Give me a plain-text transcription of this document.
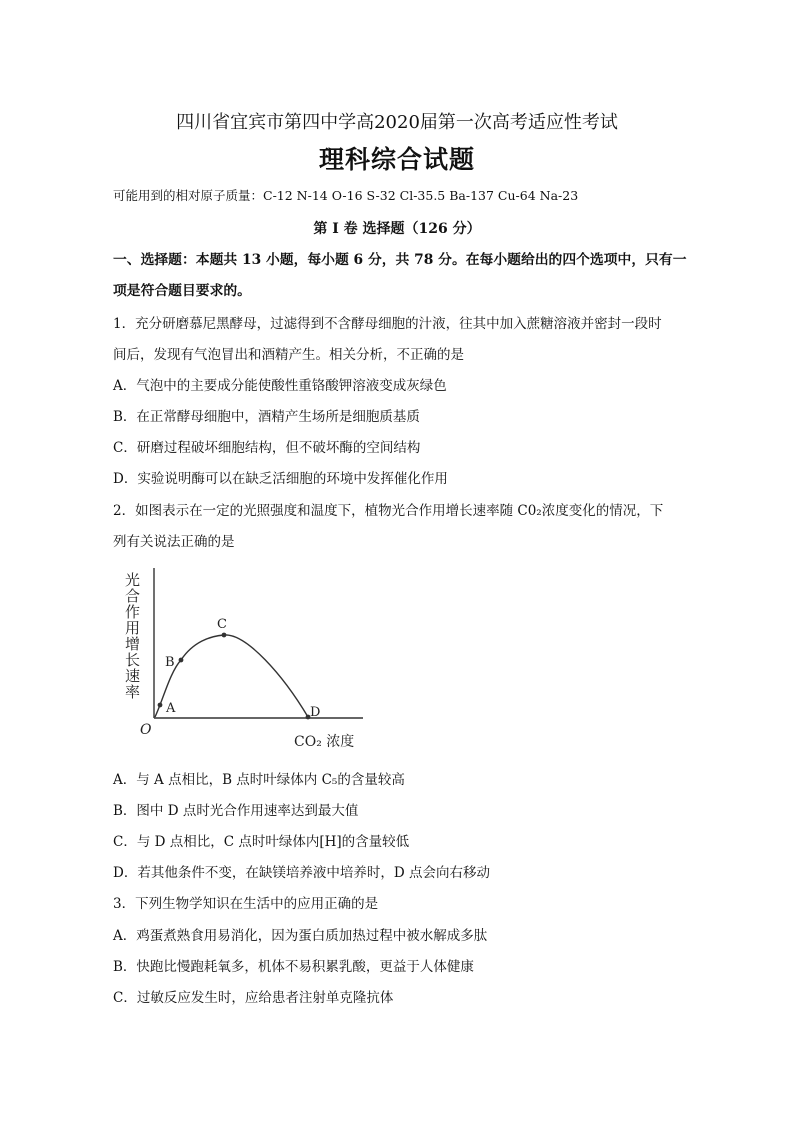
四川省宜宾市第四中学高2020届第一次高考适应性考试
理科综合试题
可能用到的相对原子质量：C-12 N-14 O-16 S-32 Cl-35.5 Ba-137 Cu-64 Na-23
第 I 卷 选择题（126 分）
一、选择题：本题共 13 小题，每小题 6 分，共 78 分。在每小题给出的四个选项中，只有一
项是符合题目要求的。
1．充分研磨慕尼黑酵母，过滤得到不含酵母细胞的汁液，往其中加入蔗糖溶液并密封一段时
间后，发现有气泡冒出和酒精产生。相关分析，不正确的是
A．气泡中的主要成分能使酸性重铬酸钾溶液变成灰绿色
B．在正常酵母细胞中，酒精产生场所是细胞质基质
C．研磨过程破坏细胞结构，但不破坏酶的空间结构
D．实验说明酶可以在缺乏活细胞的环境中发挥催化作用
2．如图表示在一定的光照强度和温度下，植物光合作用增长速率随 C0₂浓度变化的情况，下
列有关说法正确的是
光合作用增长速率
A
B
C
D
O
CO₂ 浓度
A．与 A 点相比，B 点时叶绿体内 C₅的含量较高
B．图中 D 点时光合作用速率达到最大值
C．与 D 点相比，C 点时叶绿体内[H]的含量较低
D．若其他条件不变，在缺镁培养液中培养时，D 点会向右移动
3．下列生物学知识在生活中的应用正确的是
A．鸡蛋煮熟食用易消化，因为蛋白质加热过程中被水解成多肽
B．快跑比慢跑耗氧多，机体不易积累乳酸，更益于人体健康
C．过敏反应发生时，应给患者注射单克隆抗体
